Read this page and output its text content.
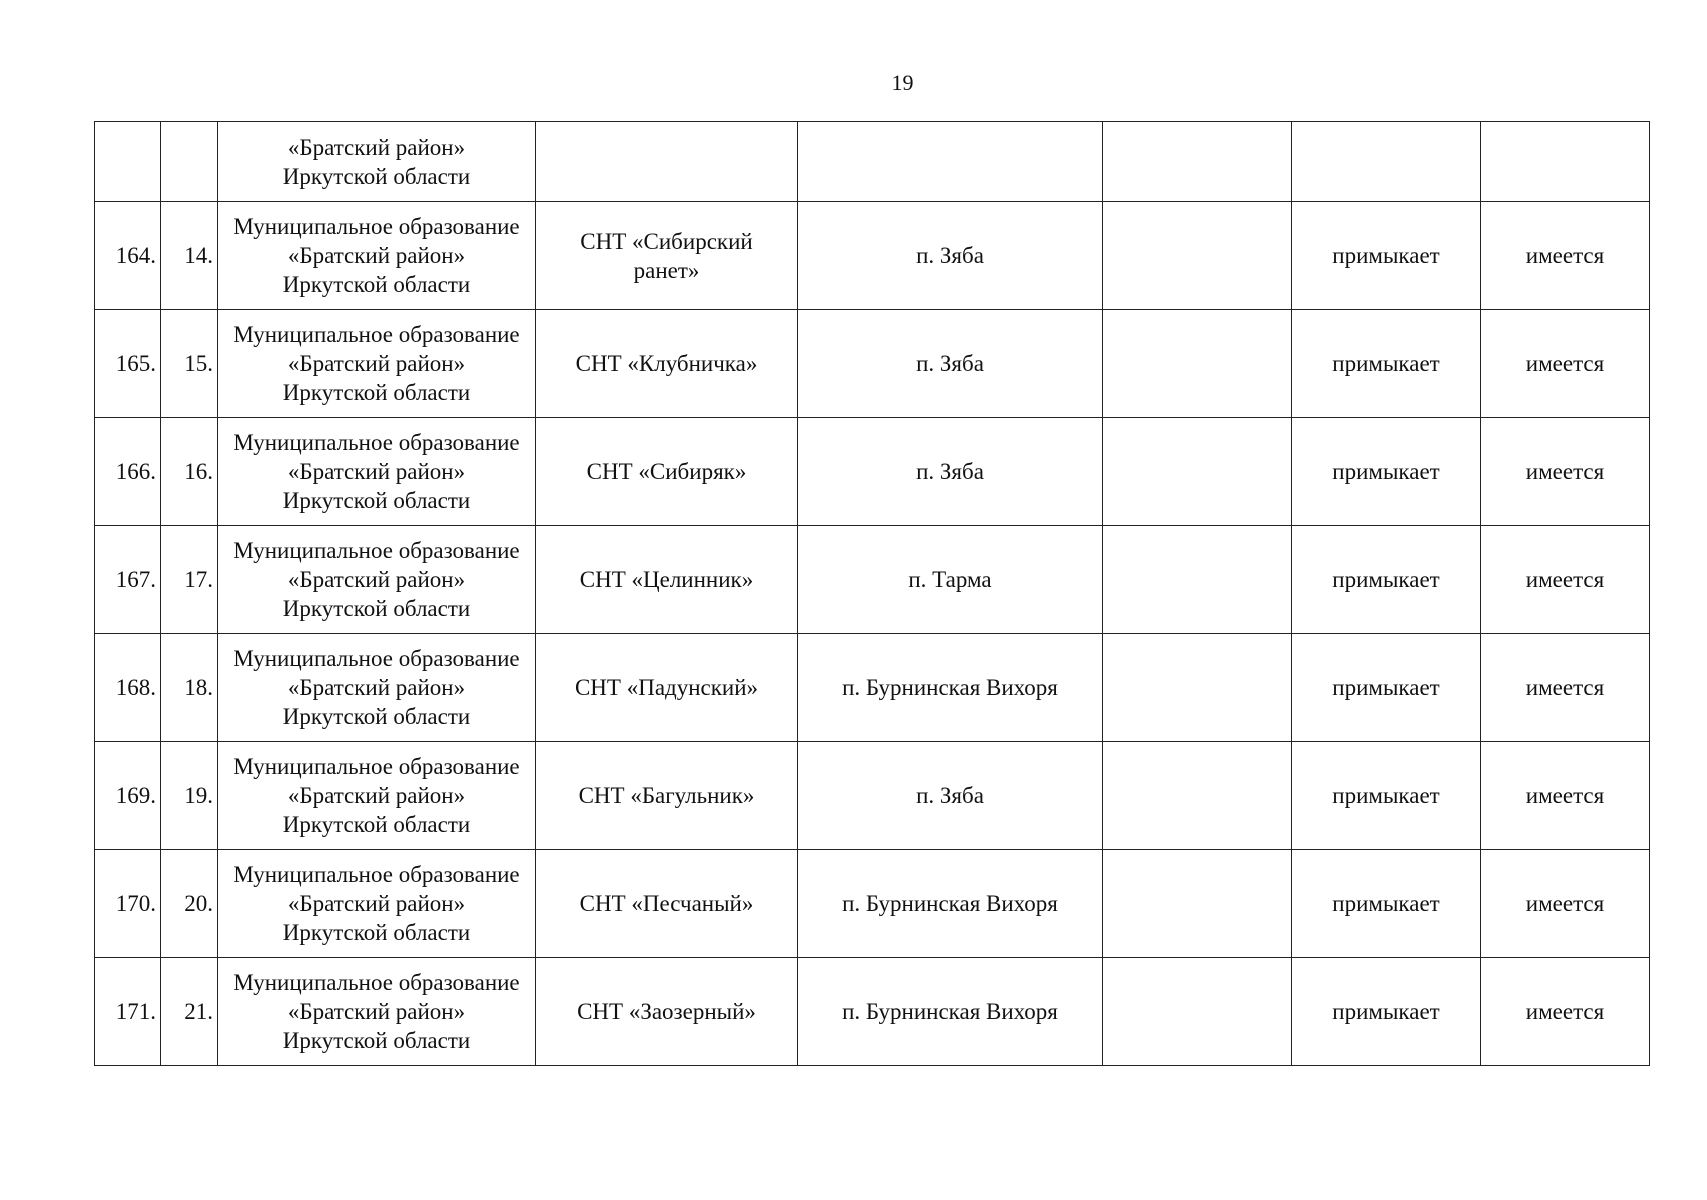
19

		«Братский район»
Иркутской области					

164.	14.	Муниципальное образование
«Братский район»
Иркутской области	СНТ «Сибирский
ранет»	п. Зяба		примыкает	имеется
165.	15.	Муниципальное образование
«Братский район»
Иркутской области	СНТ «Клубничка»	п. Зяба		примыкает	имеется
166.	16.	Муниципальное образование
«Братский район»
Иркутской области	СНТ «Сибиряк»	п. Зяба		примыкает	имеется
167.	17.	Муниципальное образование
«Братский район»
Иркутской области	СНТ «Целинник»	п. Тарма		примыкает	имеется
168.	18.	Муниципальное образование
«Братский район»
Иркутской области	СНТ «Падунский»	п. Бурнинская Вихоря		примыкает	имеется
169.	19.	Муниципальное образование
«Братский район»
Иркутской области	СНТ «Багульник»	п. Зяба		примыкает	имеется
170.	20.	Муниципальное образование
«Братский район»
Иркутской области	СНТ «Песчаный»	п. Бурнинская Вихоря		примыкает	имеется
171.	21.	Муниципальное образование
«Братский район»
Иркутской области	СНТ «Заозерный»	п. Бурнинская Вихоря		примыкает	имеется
